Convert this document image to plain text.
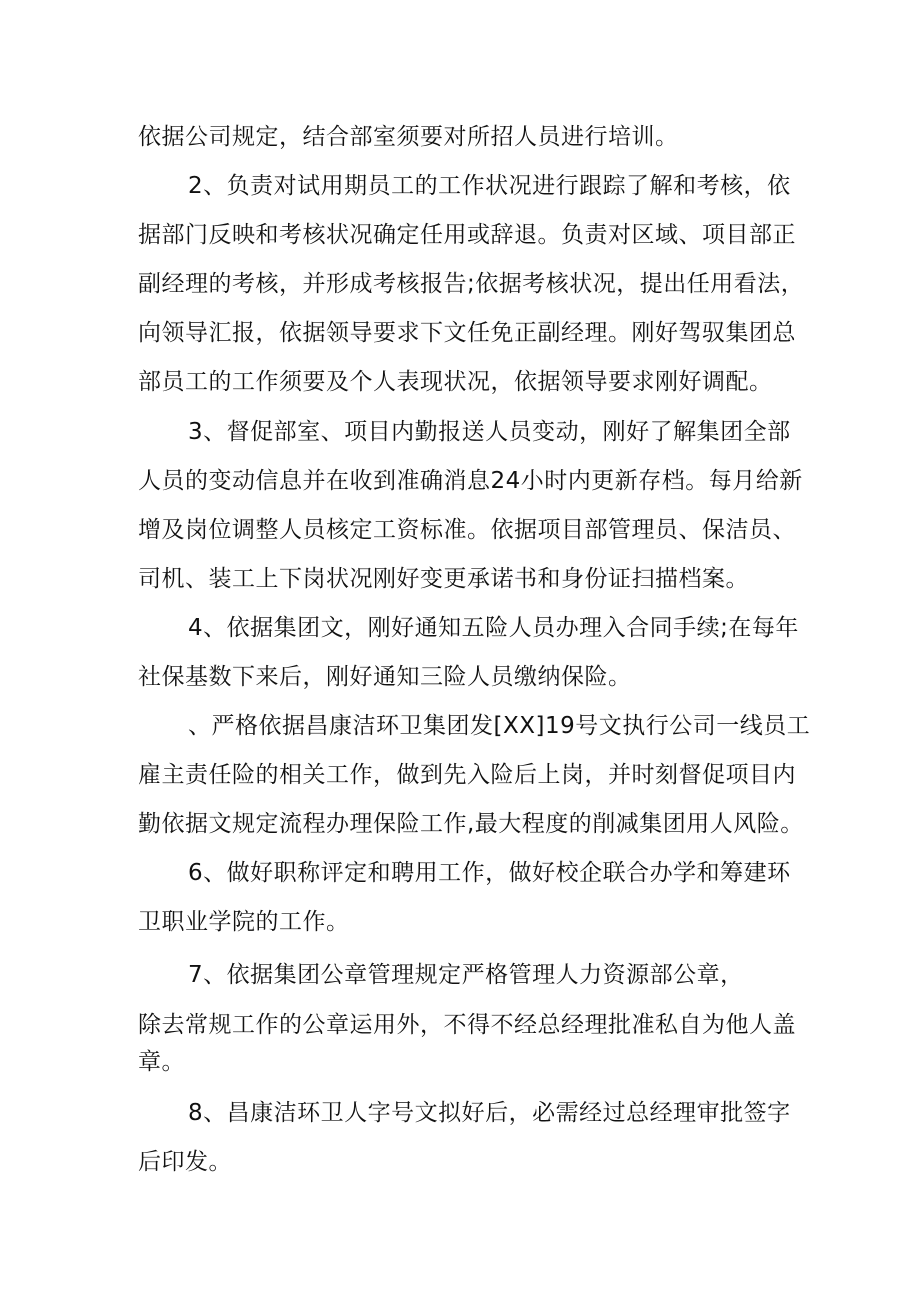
依据公司规定，结合部室须要对所招人员进行培训。
2、负责对试用期员工的工作状况进行跟踪了解和考核，依
据部门反映和考核状况确定任用或辞退。负责对区域、项目部正
副经理的考核，并形成考核报告;依据考核状况，提出任用看法，
向领导汇报，依据领导要求下文任免正副经理。刚好驾驭集团总
部员工的工作须要及个人表现状况，依据领导要求刚好调配。
3、督促部室、项目内勤报送人员变动，刚好了解集团全部
人员的变动信息并在收到准确消息24小时内更新存档。每月给新
增及岗位调整人员核定工资标准。依据项目部管理员、保洁员、
司机、装工上下岗状况刚好变更承诺书和身份证扫描档案。
4、依据集团文，刚好通知五险人员办理入合同手续;在每年
社保基数下来后，刚好通知三险人员缴纳保险。
、严格依据昌康洁环卫集团发[XX]19号文执行公司一线员工
雇主责任险的相关工作，做到先入险后上岗，并时刻督促项目内
勤依据文规定流程办理保险工作,最大程度的削减集团用人风险。
6、做好职称评定和聘用工作，做好校企联合办学和筹建环
卫职业学院的工作。
7、依据集团公章管理规定严格管理人力资源部公章，
除去常规工作的公章运用外，不得不经总经理批准私自为他人盖
章。
8、昌康洁环卫人字号文拟好后，必需经过总经理审批签字
后印发。
